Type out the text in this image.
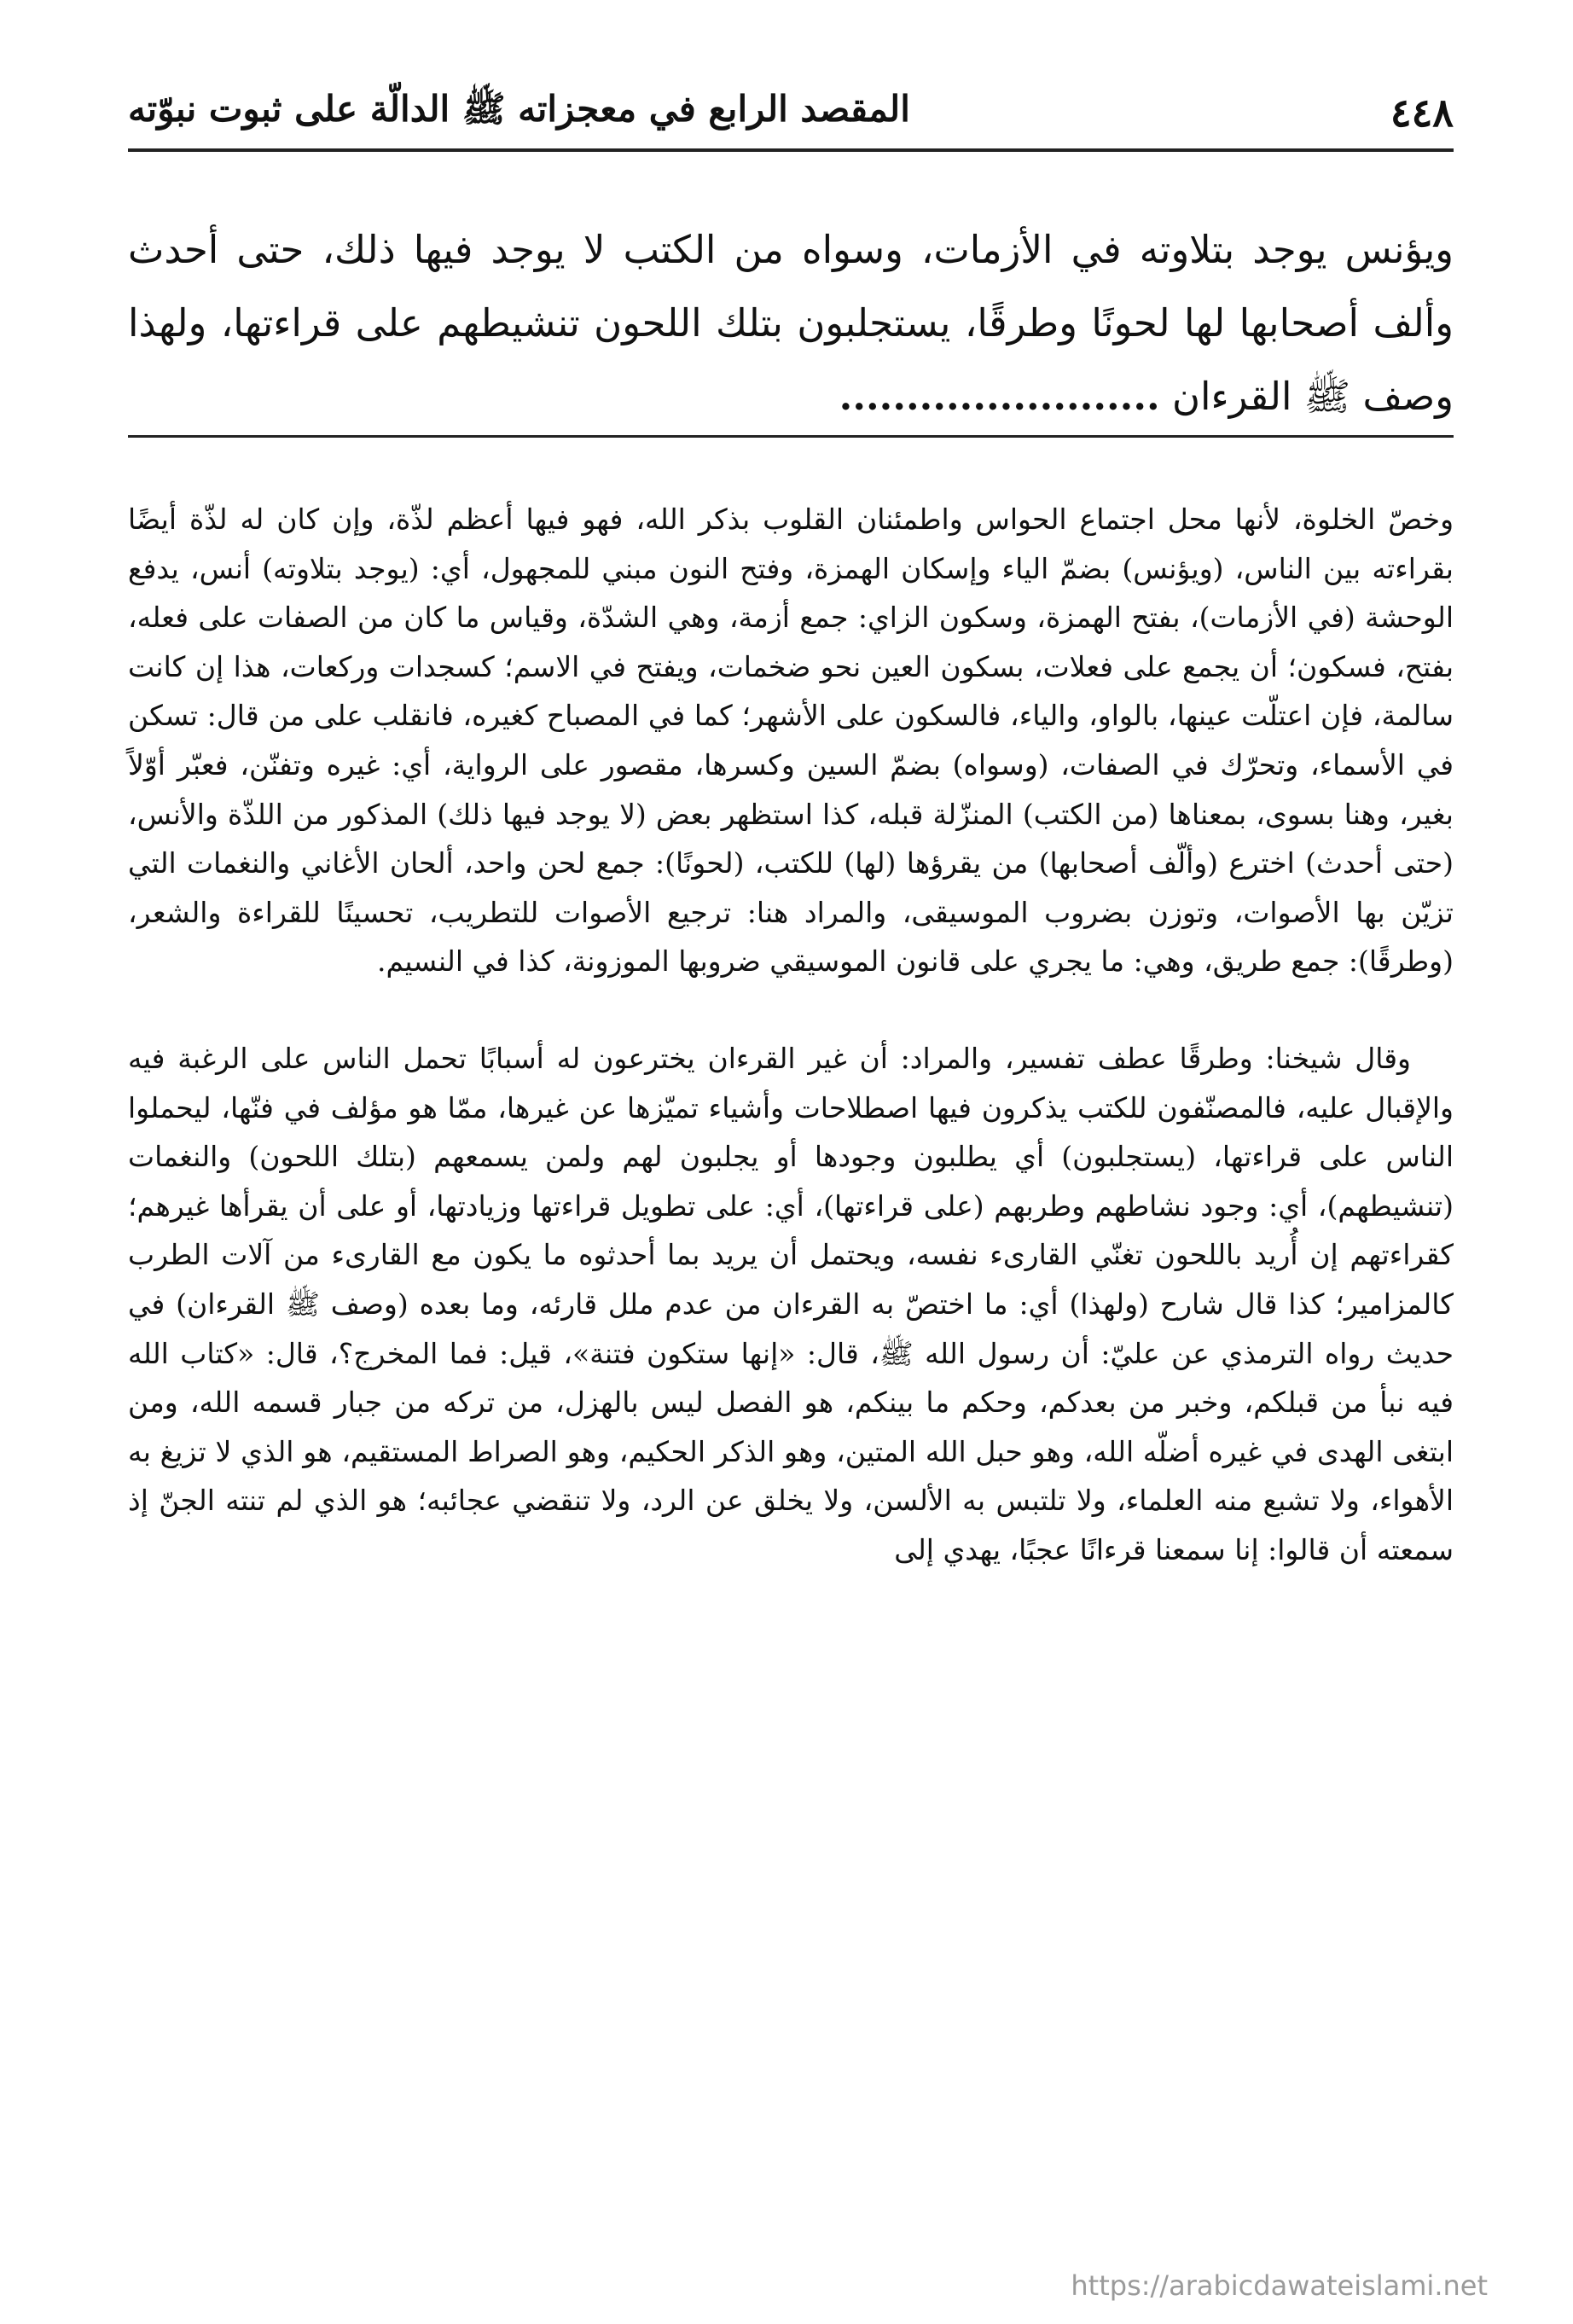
٤٤٨
المقصد الرابع في معجزاته ﷺ الدالّة على ثبوت نبوّته
ويؤنس يوجد بتلاوته في الأزمات، وسواه من الكتب لا يوجد فيها ذلك، حتى أحدث وألف أصحابها لها لحونًا وطرقًا، يستجلبون بتلك اللحون تنشيطهم على قراءتها، ولهذا وصف ﷺ القرءان ........................

وخصّ الخلوة، لأنها محل اجتماع الحواس واطمئنان القلوب بذكر الله، فهو فيها أعظم لذّة، وإن كان له لذّة أيضًا بقراءته بين الناس، (ويؤنس) بضمّ الياء وإسكان الهمزة، وفتح النون مبني للمجهول، أي: (يوجد بتلاوته) أنس، يدفع الوحشة (في الأزمات)، بفتح الهمزة، وسكون الزاي: جمع أزمة، وهي الشدّة، وقياس ما كان من الصفات على فعله، بفتح، فسكون؛ أن يجمع على فعلات، بسكون العين نحو ضخمات، ويفتح في الاسم؛ كسجدات وركعات، هذا إن كانت سالمة، فإن اعتلّت عينها، بالواو، والياء، فالسكون على الأشهر؛ كما في المصباح كغيره، فانقلب على من قال: تسكن في الأسماء، وتحرّك في الصفات، (وسواه) بضمّ السين وكسرها، مقصور على الرواية، أي: غيره وتفنّن، فعبّر أوّلاً بغير، وهنا بسوى، بمعناها (من الكتب) المنزّلة قبله، كذا استظهر بعض (لا يوجد فيها ذلك) المذكور من اللذّة والأنس، (حتى أحدث) اخترع (وألّف أصحابها) من يقرؤها (لها) للكتب، (لحونًا): جمع لحن واحد، ألحان الأغاني والنغمات التي تزيّن بها الأصوات، وتوزن بضروب الموسيقى، والمراد هنا: ترجيع الأصوات للتطريب، تحسينًا للقراءة والشعر، (وطرقًا): جمع طريق، وهي: ما يجري على قانون الموسيقي ضروبها الموزونة، كذا في النسيم.

وقال شيخنا: وطرقًا عطف تفسير، والمراد: أن غير القرءان يخترعون له أسبابًا تحمل الناس على الرغبة فيه والإقبال عليه، فالمصنّفون للكتب يذكرون فيها اصطلاحات وأشياء تميّزها عن غيرها، ممّا هو مؤلف في فنّها، ليحملوا الناس على قراءتها، (يستجلبون) أي يطلبون وجودها أو يجلبون لهم ولمن يسمعهم (بتلك اللحون) والنغمات (تنشيطهم)، أي: وجود نشاطهم وطربهم (على قراءتها)، أي: على تطويل قراءتها وزيادتها، أو على أن يقرأها غيرهم؛ كقراءتهم إن أُريد باللحون تغنّي القارىء نفسه، ويحتمل أن يريد بما أحدثوه ما يكون مع القارىء من آلات الطرب كالمزامير؛ كذا قال شارح (ولهذا) أي: ما اختصّ به القرءان من عدم ملل قارئه، وما بعده (وصف ﷺ القرءان) في حديث رواه الترمذي عن عليّ: أن رسول الله ﷺ، قال: «إنها ستكون فتنة»، قيل: فما المخرج؟، قال: «كتاب الله فيه نبأ من قبلكم، وخبر من بعدكم، وحكم ما بينكم، هو الفصل ليس بالهزل، من تركه من جبار قسمه الله، ومن ابتغى الهدى في غيره أضلّه الله، وهو حبل الله المتين، وهو الذكر الحكيم، وهو الصراط المستقيم، هو الذي لا تزيغ به الأهواء، ولا تشبع منه العلماء، ولا تلتبس به الألسن، ولا يخلق عن الرد، ولا تنقضي عجائبه؛ هو الذي لم تنته الجنّ إذ سمعته أن قالوا: إنا سمعنا قرءانًا عجبًا، يهدي إلى

https://arabicdawateislami.net
